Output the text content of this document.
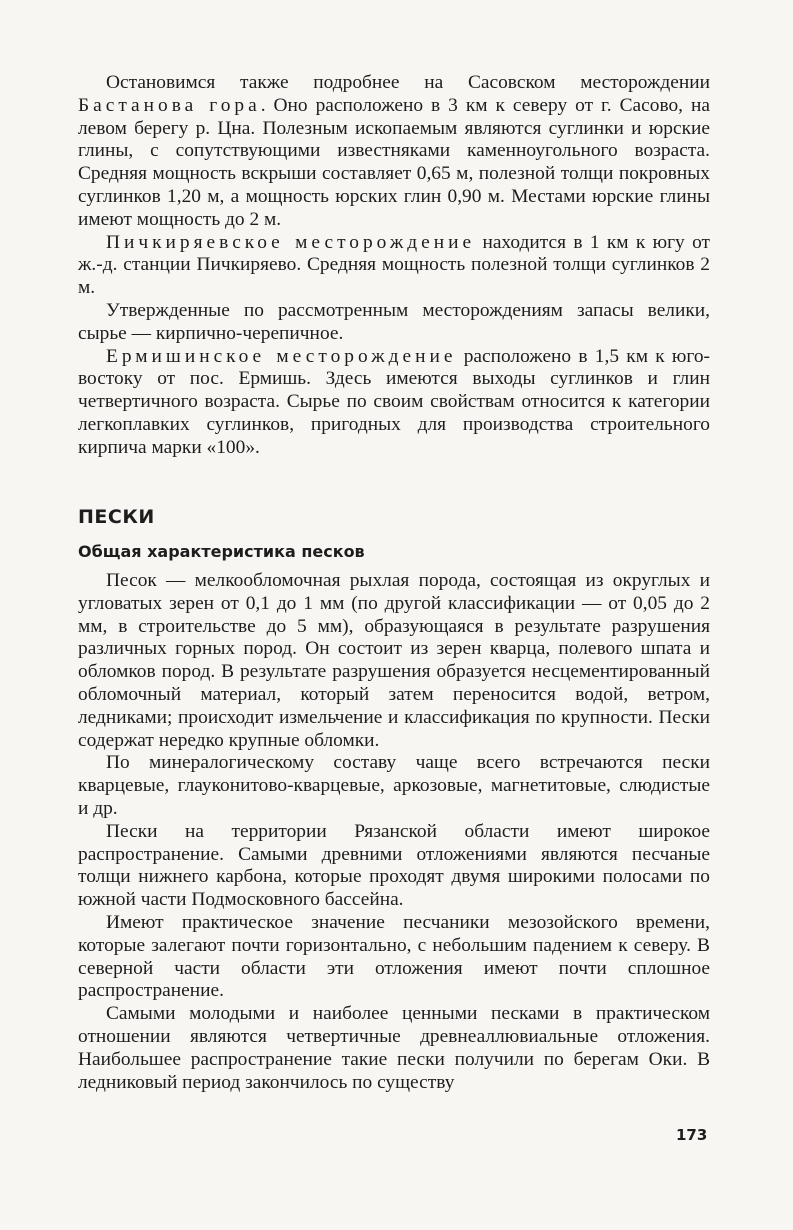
Остановимся также подробнее на Сасовском месторождении Бастанова гора. Оно расположено в 3 км к северу от г. Сасово, на левом берегу р. Цна. Полезным ископаемым являются суглинки и юрские глины, с сопутствующими известняками каменноугольного возраста. Средняя мощность вскрыши составляет 0,65 м, полезной толщи покровных суглинков 1,20 м, а мощность юрских глин 0,90 м. Местами юрские глины имеют мощность до 2 м.

Пичкиряевское месторождение находится в 1 км к югу от ж.-д. станции Пичкиряево. Средняя мощность полезной толщи суглинков 2 м.

Утвержденные по рассмотренным месторождениям запасы велики, сырье — кирпично-черепичное.

Ермишинское месторождение расположено в 1,5 км к юго-востоку от пос. Ермишь. Здесь имеются выходы суглинков и глин четвертичного возраста. Сырье по своим свойствам относится к категории легкоплавких суглинков, пригодных для производства строительного кирпича марки «100».

ПЕСКИ
Общая характеристика песков

Песок — мелкообломочная рыхлая порода, состоящая из округлых и угловатых зерен от 0,1 до 1 мм (по другой классификации — от 0,05 до 2 мм, в строительстве до 5 мм), образующаяся в результате разрушения различных горных пород. Он состоит из зерен кварца, полевого шпата и обломков пород. В результате разрушения образуется несцементированный обломочный материал, который затем переносится водой, ветром, ледниками; происходит измельчение и классификация по крупности. Пески содержат нередко крупные обломки.

По минералогическому составу чаще всего встречаются пески кварцевые, глауконитово-кварцевые, аркозовые, магнетитовые, слюдистые и др.

Пески на территории Рязанской области имеют широкое распространение. Самыми древними отложениями являются песчаные толщи нижнего карбона, которые проходят двумя широкими полосами по южной части Подмосковного бассейна.

Имеют практическое значение песчаники мезозойского времени, которые залегают почти горизонтально, с небольшим падением к северу. В северной части области эти отложения имеют почти сплошное распространение.

Самыми молодыми и наиболее ценными песками в практическом отношении являются четвертичные древнеаллювиальные отложения. Наибольшее распространение такие пески получили по берегам Оки. В ледниковый период закончилось по существу

173
